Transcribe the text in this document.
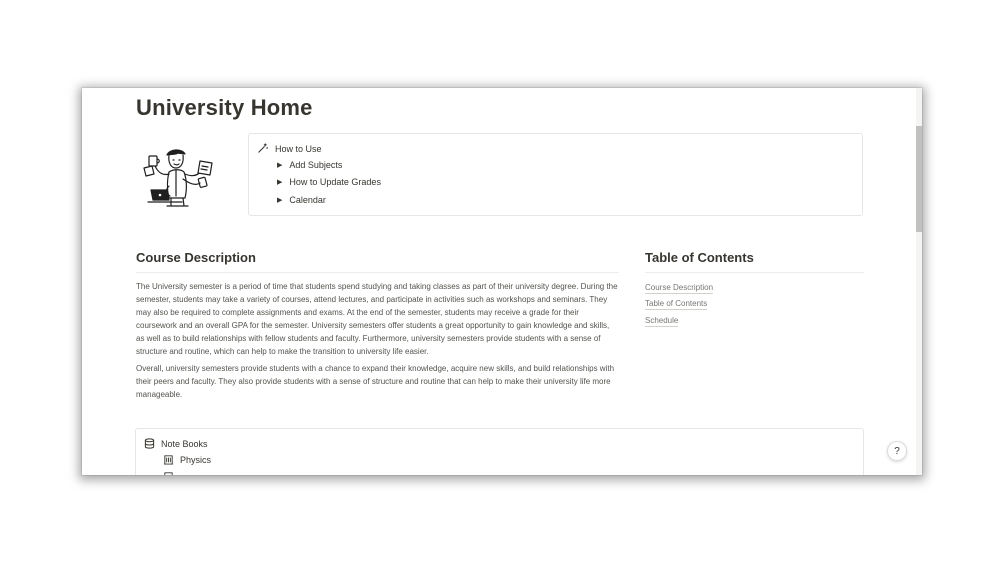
University Home
How to Use
▶ Add Subjects
▶ How to Update Grades
▶ Calendar
Course Description

The University semester is a period of time that students spend studying and taking classes as part of their university degree. During the semester, students may take a variety of courses, attend lectures, and participate in activities such as workshops and seminars. They may also be required to complete assignments and exams. At the end of the semester, students may receive a grade for their coursework and an overall GPA for the semester. University semesters offer students a great opportunity to gain knowledge and skills, as well as to build relationships with fellow students and faculty. Furthermore, university semesters provide students with a sense of structure and routine, which can help to make the transition to university life easier.

Overall, university semesters provide students with a chance to expand their knowledge, acquire new skills, and build relationships with their peers and faculty. They also provide students with a sense of structure and routine that can help to make their university life more manageable.

Table of Contents
Course Description
Table of Contents
Schedule
Note Books
Physics
?
